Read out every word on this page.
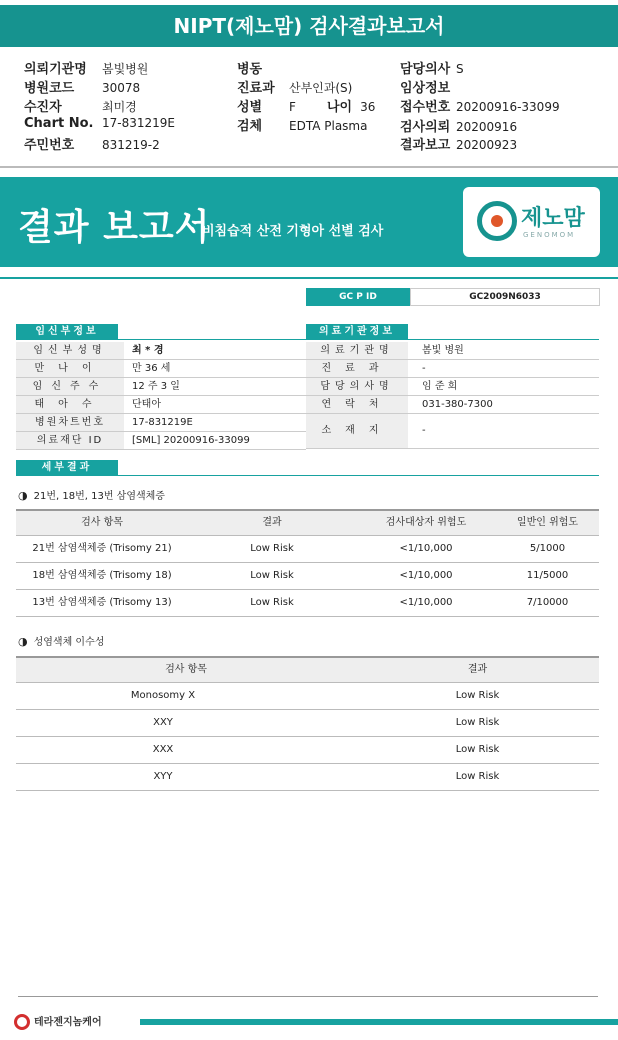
NIPT(제노맘) 검사결과보고서
의뢰기관명 봄빛병원
병원코드 30078
수진자	최미경
Chart No. 17-831219E
주민번호 831219-2
병동
진료과 산부인과(S)
성별 F 나이 36
검체 EDTA Plasma
담당의사 S
임상정보
접수번호 20200916-33099
검사의뢰 20200916
결과보고 20200923
결과 보고서
비침습적 산전 기형아 선별 검사
제노맘
GENOMOM
GC P ID	GC2009N6033
임신부정보
임신부성명	최 * 경
만나이	만 36 세
임신주수	12 주 3 일
태아수	단태아
병원차트번호	17-831219E
의료재단 ID	[SML] 20200916-33099
의료기관정보
의료기관명	봄빛 병원
진료과	-
담당의사명	임 준 희
연락처	031-380-7300
소재지	-
세부결과
◑ 21번, 18번, 13번 삼염색체증
검사 항목	결과	검사대상자 위험도	일반인 위험도
21번 삼염색체증 (Trisomy 21)	Low Risk	<1/10,000	5/1000
18번 삼염색체증 (Trisomy 18)	Low Risk	<1/10,000	11/5000
13번 삼염색체증 (Trisomy 13)	Low Risk	<1/10,000	7/10000
◑ 성염색체 이수성
검사 항목	결과
Monosomy X	Low Risk
XXY	Low Risk
XXX	Low Risk
XYY	Low Risk
테라젠지놈케어
